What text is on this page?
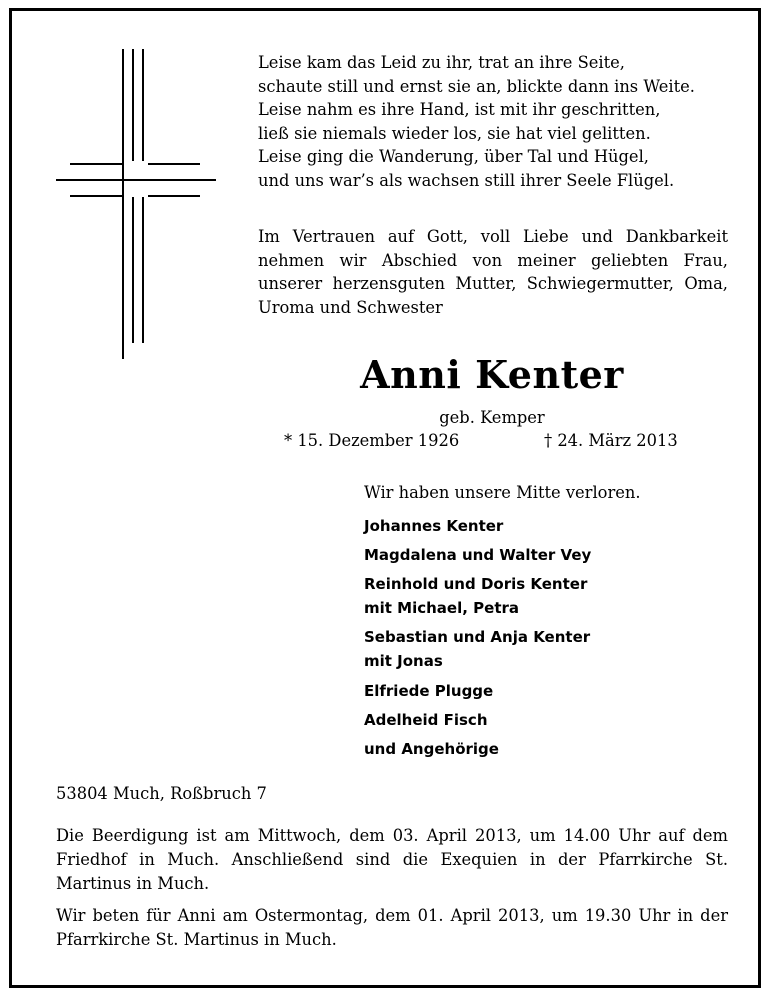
Leise kam das Leid zu ihr, trat an ihre Seite,
schaute still und ernst sie an, blickte dann ins Weite.
Leise nahm es ihre Hand, ist mit ihr geschritten,
ließ sie niemals wieder los, sie hat viel gelitten.
Leise ging die Wanderung, über Tal und Hügel,
und uns war’s als wachsen still ihrer Seele Flügel.
Im Vertrauen auf Gott, voll Liebe und Dankbarkeit nehmen wir Abschied von meiner geliebten Frau, unserer herzensguten Mutter, Schwiegermutter, Oma, Uroma und Schwester
Anni Kenter
geb. Kemper
* 15. Dezember 1926	† 24. März 2013
Wir haben unsere Mitte verloren.
Johannes Kenter
Magdalena und Walter Vey
Reinhold und Doris Kenter
mit Michael, Petra
Sebastian und Anja Kenter
mit Jonas
Elfriede Plugge
Adelheid Fisch
und Angehörige
53804 Much, Roßbruch 7
Die Beerdigung ist am Mittwoch, dem 03. April 2013, um 14.00 Uhr auf dem Friedhof in Much. Anschließend sind die Exequien in der Pfarrkirche St. Martinus in Much.
Wir beten für Anni am Ostermontag, dem 01. April 2013, um 19.30 Uhr in der Pfarrkirche St. Martinus in Much.
